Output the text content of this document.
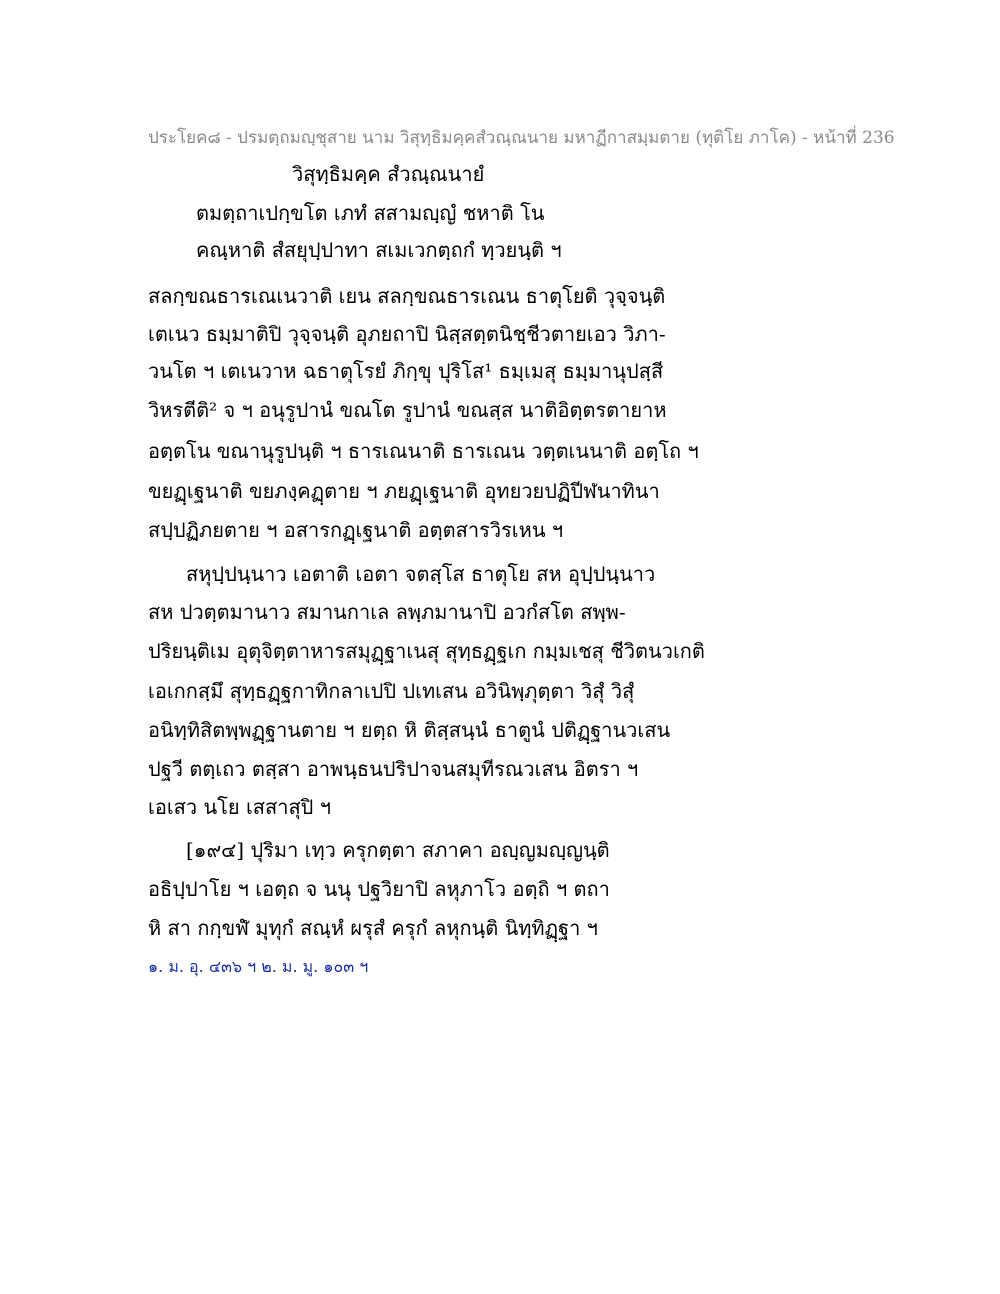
ประโยค๘ - ปรมตฺถมญฺชุสาย นาม วิสุทฺธิมคฺคสํวณฺณนาย มหาฏีกาสมฺมตาย (ทุติโย ภาโค) - หน้าที่ 236
วิสุทฺธิมคฺค สํวณฺณนายํ
ตมตฺถาเปกฺขโต เภทํ สสามญฺญํ ชหาติ โน
คณฺหาติ สํสยุปฺปาทา สเมเวกตฺถกํ ทฺวยนฺติ ฯ
สลกฺขณธารเณเนวาติ เยน สลกฺขณธารเณน ธาตุโยติ วุจฺจนฺติ
เตเนว ธมฺมาติปิ วุจฺจนฺติ อุภยถาปิ นิสฺสตฺตนิชฺชีวตายเอว วิภา-
วนโต ฯ เตเนวาห ฉธาตุโรยํ ภิกฺขุ ปุริโส¹ ธมฺเมสุ ธมฺมานุปสฺสี
วิหรตีติ² จ ฯ อนุรูปานํ ขณโต รูปานํ ขณสฺส นาติอิตฺตรตายาห
อตฺตโน ขณานุรูปนฺติ ฯ ธารเณนาติ ธารเณน วตฺตเนนาติ อตฺโถ ฯ
ขยฏฺเฐนาติ ขยภงฺคฏฺตาย ฯ ภยฏฺเฐนาติ อุทยวยปฏิปีฬนาทินา
สปฺปฏิภยตาย ฯ อสารกฏฺเฐนาติ อตฺตสารวิรเหน ฯ
สหุปฺปนฺนาว เอตาติ เอตา จตสฺโส ธาตุโย สห อุปฺปนฺนาว
สห ปวตฺตมานาว สมานกาเล ลพฺภมานาปิ อวกํสโต สพฺพ-
ปริยนฺติเม อุตุจิตฺตาหารสมุฏฺฐาเนสุ สุทฺธฏฺฐเก กมฺมเชสุ ชีวิตนวเกติ
เอเกกสฺมึ สุทฺธฏฺฐกาทิกลาเปปิ ปเทเสน อวินิพฺภุตฺตา วิสุํ วิสุํ
อนิทฺทิสิตพฺพฏฺฐานตาย ฯ ยตฺถ หิ ติสฺสนฺนํ ธาตูนํ ปติฏฺฐานวเสน
ปฐวี ตตฺเถว ตสฺสา อาพนฺธนปริปาจนสมุทีรณวเสน อิตรา ฯ
เอเสว นโย เสสาสุปิ ฯ
[๑๙๔] ปุริมา เทฺว ครุกตฺตา สภาคา อญฺญมญฺญนฺติ
อธิปฺปาโย ฯ เอตฺถ จ นนุ ปฐวิยาปิ ลหุภาโว อตฺถิ ฯ ตถา
หิ สา กกฺขฬํ มุทุกํ สณฺหํ ผรุสํ ครุกํ ลหุกนฺติ นิทฺทิฏฺฐา ฯ
๑. ม. อุ. ๔๓๖ ฯ ๒. ม. มู. ๑๐๓ ฯ
